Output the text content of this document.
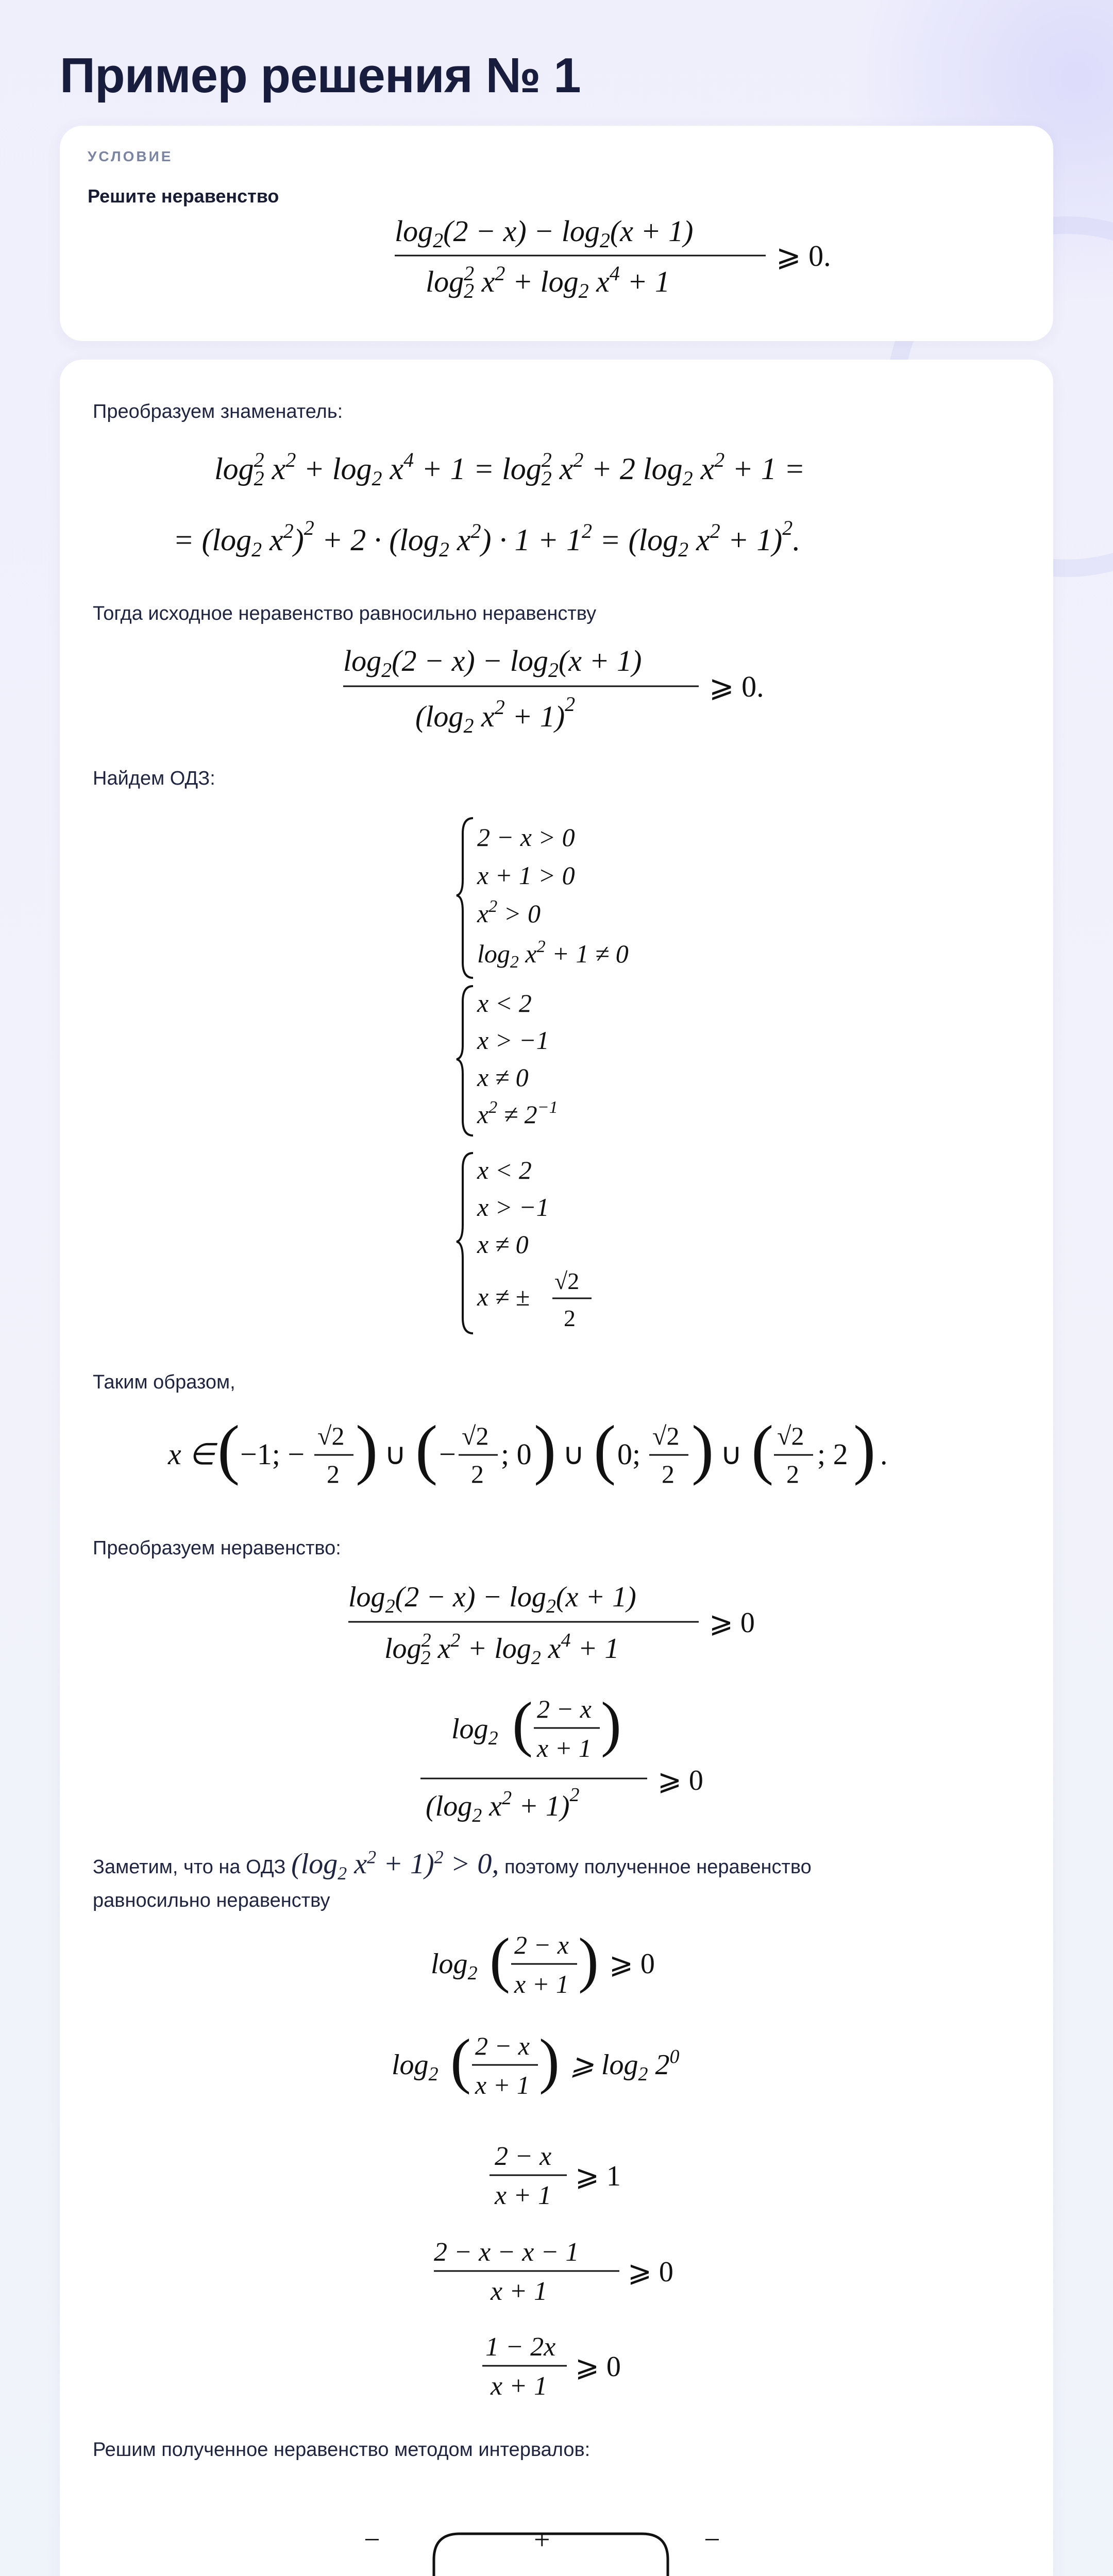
Пример решения № 1
УСЛОВИЕ
Решите неравенство
$\log_2(2 - x) - \log_2(x + 1)$
$\log^2 2$ $x^2 + \log_2 x^4 + 1$
⩾ 0.
Преобразуем знаменатель:
$\log^2 2$ $x^2 + \log_2 x^4 + 1 = \log^2 2$ $x^2 + 2$ $\log_2 x^2 + 1$ =
= ($\log_2$ $x^2)^2 + 2 \cdot (\log_2$ $x^2) \cdot 1 + 1^2 = (\log_2$ $x^2 + 1)^2$.
Тогда исходное неравенство равносильно неравенству
$\log_2(2 - x) - \log_2(x + 1)$
($\log_2$ $x^2 + 1)^2$
⩾ 0.
Найдем ОДЗ:
2 − x > 0
x + 1 > 0
$x^2 > 0$
$\log_2 x^2 + 1 \ne 0$
x < 2
x > −1
x ≠ 0
$x^2 \ne 2^{-1}$
x < 2
x > −1
x ≠ 0
x ≠ ±
√2
2
Таким образом,
x ∈ ( −1; −
√2
2 ) ∪ ( −
√2
2
; 0 ) ∪ ( 0;
√2
2 ) ∪ ( √2
2
; 2 ) .
Преобразуем неравенство:
$\log_2(2 - x) - \log_2(x + 1)$
$\log^2 2$ $x^2 + \log_2 x^4 + 1$
⩾ 0
$\log_2$ ( 2 − x
x + 1 )
($\log_2$ $x^2 + 1)^2$	⩾ 0
Заметим, что на ОДЗ ($\log_2$ $x^2 + 1)^2 > 0$, поэтому полученное неравенство
равносильно неравенству
$\log_2$ ( 2 − x
x + 1 ) ⩾ 0
$\log_2$ ( 2 − x
x + 1 ) ⩾ $\log_2 2^0$
2 − x
x + 1
⩾ 1
2 − x − x − 1
x + 1
⩾ 0
1 − 2x
x + 1
⩾ 0
Решим полученное неравенство методом интервалов:
−	+	−
